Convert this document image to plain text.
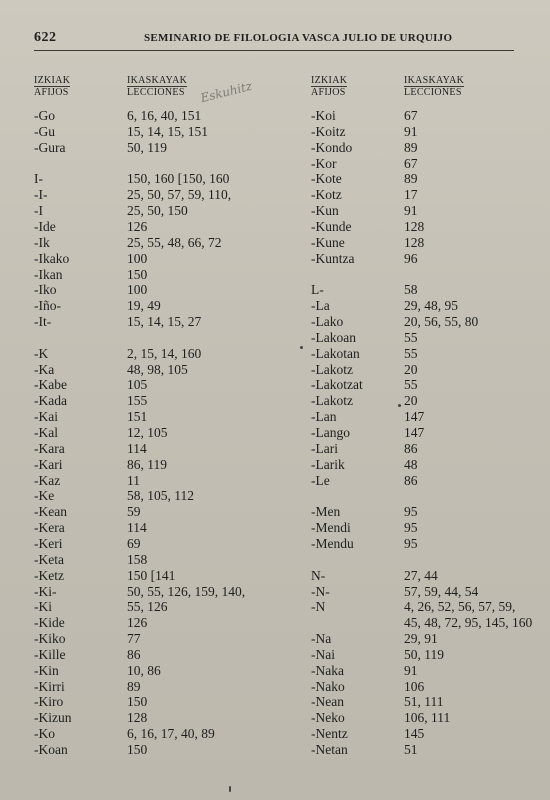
622	SEMINARIO DE FILOLOGIA VASCA JULIO DE URQUIJO
IZKIAK
AFIJOS
IKASKAYAK
LECCIONES
IZKIAK
AFIJOS
IKASKAYAK
LECCIONES
Eskuhitz
-Go	6, 16, 40, 151
-Gu	15, 14, 15, 151
-Gura	50, 119
I-	150, 160 [150, 160
-I-	25, 50, 57, 59, 110,
-I	25, 50, 150
-Ide	126
-Ik	25, 55, 48, 66, 72
-Ikako	100
-Ikan	150
-Iko	100
-Iño-	19, 49
-It-	15, 14, 15, 27
-K	2, 15, 14, 160
-Ka	48, 98, 105
-Kabe	105
-Kada	155
-Kai	151
-Kal	12, 105
-Kara	114
-Kari	86, 119
-Kaz	11
-Ke	58, 105, 112
-Kean	59
-Kera	114
-Keri	69
-Keta	158
-Ketz	150 [141
-Ki-	50, 55, 126, 159, 140,
-Ki	55, 126
-Kide	126
-Kiko	77
-Kille	86
-Kin	10, 86
-Kirri	89
-Kiro	150
-Kizun	128
-Ko	6, 16, 17, 40, 89
-Koan	150
-Koi	67
-Koitz	91
-Kondo	89
-Kor	67
-Kote	89
-Kotz	17
-Kun	91
-Kunde	128
-Kune	128
-Kuntza	96
L-	58
-La	29, 48, 95
-Lako	20, 56, 55, 80
-Lakoan	55
-Lakotan	55
-Lakotz	20
-Lakotzat	55
-Lakotz	20
-Lan	147
-Lango	147
-Lari	86
-Larik	48
-Le	86
-Men	95
-Mendi	95
-Mendu	95
N-	27, 44
-N-	57, 59, 44, 54
-N	4, 26, 52, 56, 57, 59,
45, 48, 72, 95, 145, 160
-Na	29, 91
-Nai	50, 119
-Naka	91
-Nako	106
-Nean	51, 111
-Neko	106, 111
-Nentz	145
-Netan	51
